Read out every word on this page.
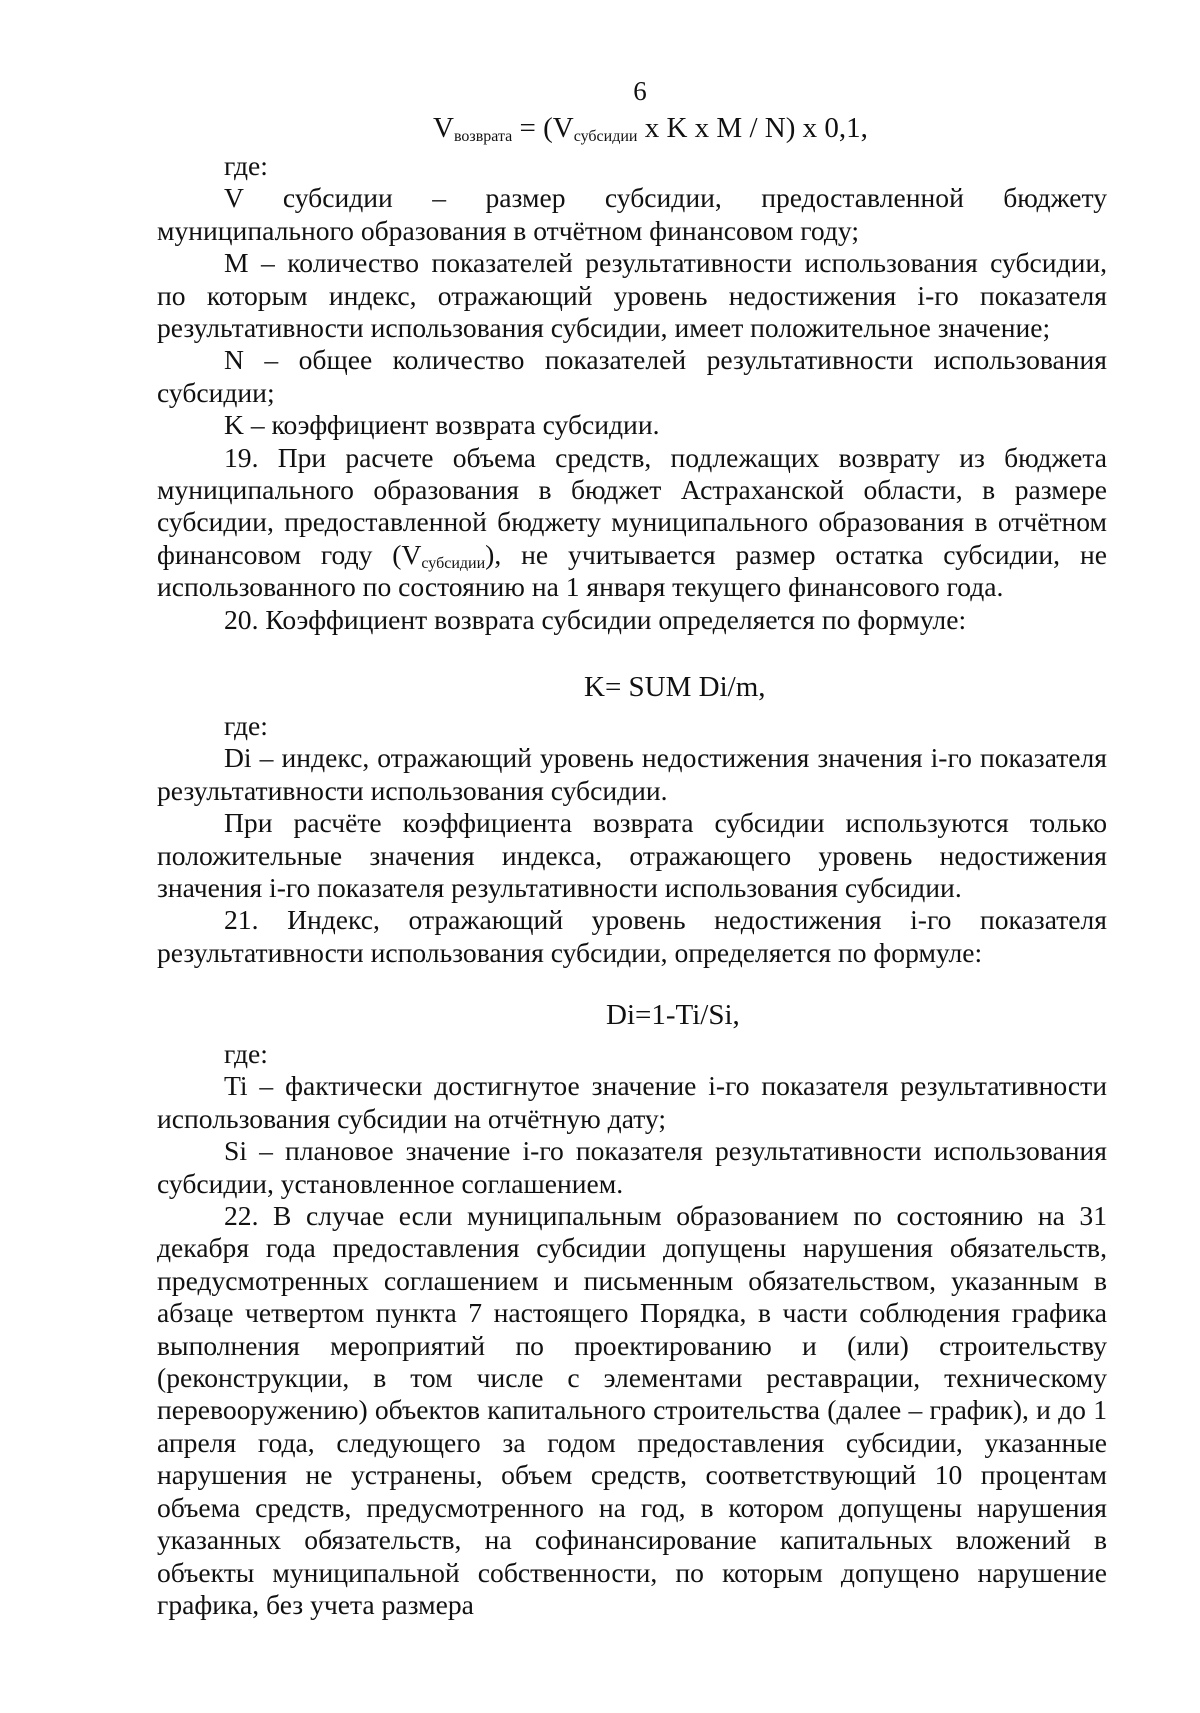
6
$V_{возврата} = (V_{субсидии}$ x K x M / N) x 0,1,

где:

V субсидии – размер субсидии, предоставленной бюджету муниципального образования в отчётном финансовом году;

M – количество показателей результативности использования субсидии, по которым индекс, отражающий уровень недостижения i-го показателя результативности использования субсидии, имеет положительное значение;

N – общее количество показателей результативности использования субсидии;

K – коэффициент возврата субсидии.

19. При расчете объема средств, подлежащих возврату из бюджета муниципального образования в бюджет Астраханской области, в размере субсидии, предоставленной бюджету муниципального образования в отчётном финансовом году (Vсубсидии), не учитывается размер остатка субсидии, не использованного по состоянию на 1 января текущего финансового года.

20. Коэффициент возврата субсидии определяется по формуле:

K= SUM Di/m,

где:

Di – индекс, отражающий уровень недостижения значения i-го показателя результативности использования субсидии.

При расчёте коэффициента возврата субсидии используются только положительные значения индекса, отражающего уровень недостижения значения i-го показателя результативности использования субсидии.

21. Индекс, отражающий уровень недостижения i-го показателя результативности использования субсидии, определяется по формуле:

Di=1-Ti/Si,

где:

Ti – фактически достигнутое значение i-го показателя результативности использования субсидии на отчётную дату;

Si – плановое значение i-го показателя результативности использования субсидии, установленное соглашением.

22. В случае если муниципальным образованием по состоянию на 31 декабря года предоставления субсидии допущены нарушения обязательств, предусмотренных соглашением и письменным обязательством, указанным в абзаце четвертом пункта 7 настоящего Порядка, в части соблюдения графика выполнения мероприятий по проектированию и (или) строительству (реконструкции, в том числе с элементами реставрации, техническому перевооружению) объектов капитального строительства (далее – график), и до 1 апреля года, следующего за годом предоставления субсидии, указанные нарушения не устранены, объем средств, соответствующий 10 процентам объема средств, предусмотренного на год, в котором допущены нарушения указанных обязательств, на софинансирование капитальных вложений в объекты муниципальной собственности, по которым допущено нарушение графика, без учета размера
